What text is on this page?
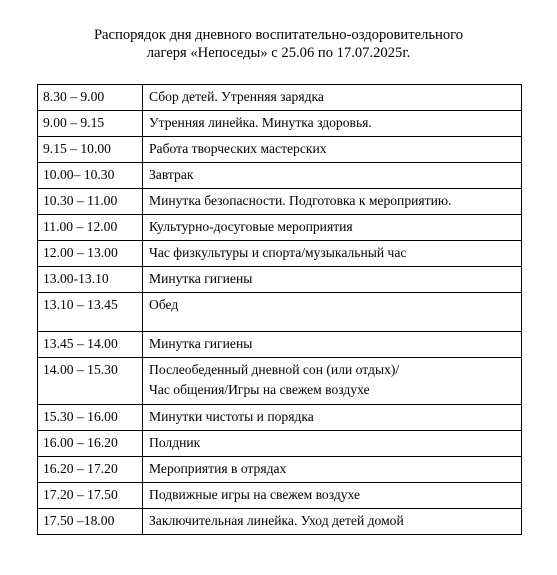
Распорядок дня дневного воспитательно-оздоровительного
лагеря «Непоседы» с 25.06 по 17.07.2025г.
8.30 – 9.00	Сбор детей. Утренняя зарядка
9.00 – 9.15	Утренняя линейка. Минутка здоровья.
9.15 – 10.00	Работа творческих мастерских
10.00– 10.30	Завтрак
10.30 – 11.00	Минутка безопасности. Подготовка к мероприятию.
11.00 – 12.00	Культурно-досуговые мероприятия
12.00 – 13.00	Час физкультуры и спорта/музыкальный час
13.00-13.10	Минутка гигиены
13.10 – 13.45	Обед
13.45 – 14.00	Минутка гигиены
14.00 – 15.30	Послеобеденный дневной сон (или отдых)/
Час общения/Игры на свежем воздухе

15.30 – 16.00	Минутки чистоты и порядка
16.00 – 16.20	Полдник
16.20 – 17.20	Мероприятия в отрядах
17.20 – 17.50	Подвижные игры на свежем воздухе
17.50 –18.00	Заключительная линейка. Уход детей домой
